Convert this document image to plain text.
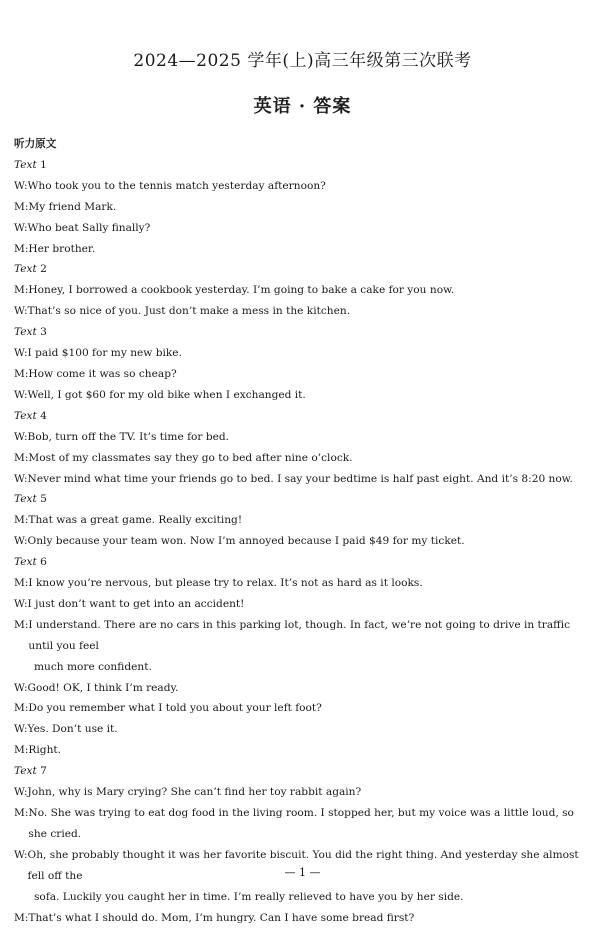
2024—2025 学年(上)高三年级第三次联考
英语 · 答案
听力原文
Text 1
W: Who took you to the tennis match yesterday afternoon?
M: My friend Mark.
W: Who beat Sally finally?
M: Her brother.
Text 2
M: Honey, I borrowed a cookbook yesterday. I’m going to bake a cake for you now.
W: That’s so nice of you. Just don’t make a mess in the kitchen.
Text 3
W: I paid $100 for my new bike.
M: How come it was so cheap?
W: Well, I got $60 for my old bike when I exchanged it.
Text 4
W: Bob, turn off the TV. It’s time for bed.
M: Most of my classmates say they go to bed after nine o’clock.
W: Never mind what time your friends go to bed. I say your bedtime is half past eight. And it’s 8:20 now.
Text 5
M: That was a great game. Really exciting!
W: Only because your team won. Now I’m annoyed because I paid $49 for my ticket.
Text 6
M: I know you’re nervous, but please try to relax. It’s not as hard as it looks.
W: I just don’t want to get into an accident!
M: I understand. There are no cars in this parking lot, though. In fact, we’re not going to drive in traffic until you feel
much more confident.
W: Good! OK, I think I’m ready.
M: Do you remember what I told you about your left foot?
W: Yes. Don’t use it.
M: Right.
Text 7
W: John, why is Mary crying? She can’t find her toy rabbit again?
M: No. She was trying to eat dog food in the living room. I stopped her, but my voice was a little loud, so she cried.
W: Oh, she probably thought it was her favorite biscuit. You did the right thing. And yesterday she almost fell off the
sofa. Luckily you caught her in time. I’m really relieved to have you by her side.
M: That’s what I should do. Mom, I’m hungry. Can I have some bread first?
— 1 —
